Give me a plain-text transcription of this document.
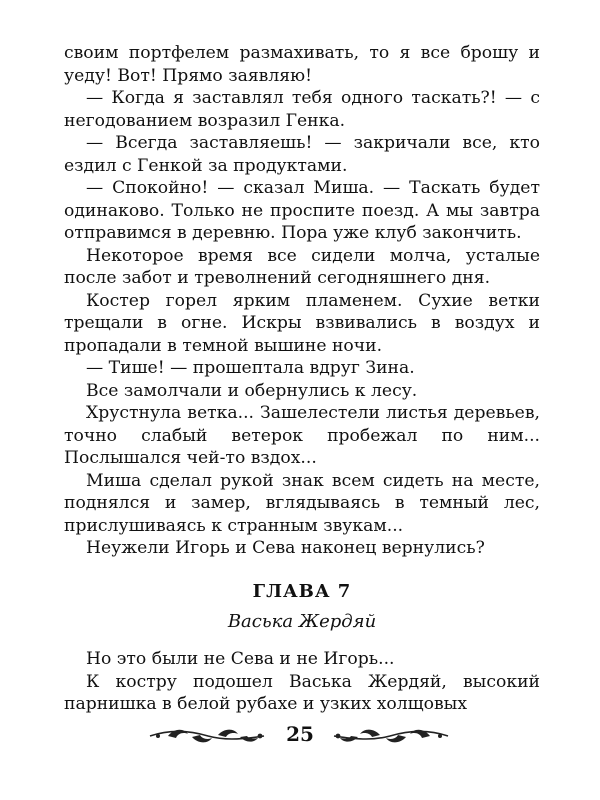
своим портфелем размахивать, то я все брошу и уеду! Вот! Прямо заявляю!

— Когда я заставлял тебя одного таскать?! — с негодованием возразил Генка.

— Всегда заставляешь! — закричали все, кто ездил с Генкой за продуктами.

— Спокойно! — сказал Миша. — Таскать будет одинаково. Только не проспите поезд. А мы завтра отправимся в деревню. Пора уже клуб закончить.

Некоторое время все сидели молча, усталые после забот и треволнений сегодняшнего дня.

Костер горел ярким пламенем. Сухие ветки трещали в огне. Искры взвивались в воздух и пропадали в темной вышине ночи.

— Тише! — прошептала вдруг Зина.

Все замолчали и обернулись к лесу.

Хрустнула ветка... Зашелестели листья деревьев, точно слабый ветерок пробежал по ним... Послышался чей-то вздох...

Миша сделал рукой знак всем сидеть на месте, поднялся и замер, вглядываясь в темный лес, прислушиваясь к странным звукам...

Неужели Игорь и Сева наконец вернулись?

ГЛАВА 7

Васька Жердяй

Но это были не Сева и не Игорь...

К костру подошел Васька Жердяй, высокий парнишка в белой рубахе и узких холщовых

25
